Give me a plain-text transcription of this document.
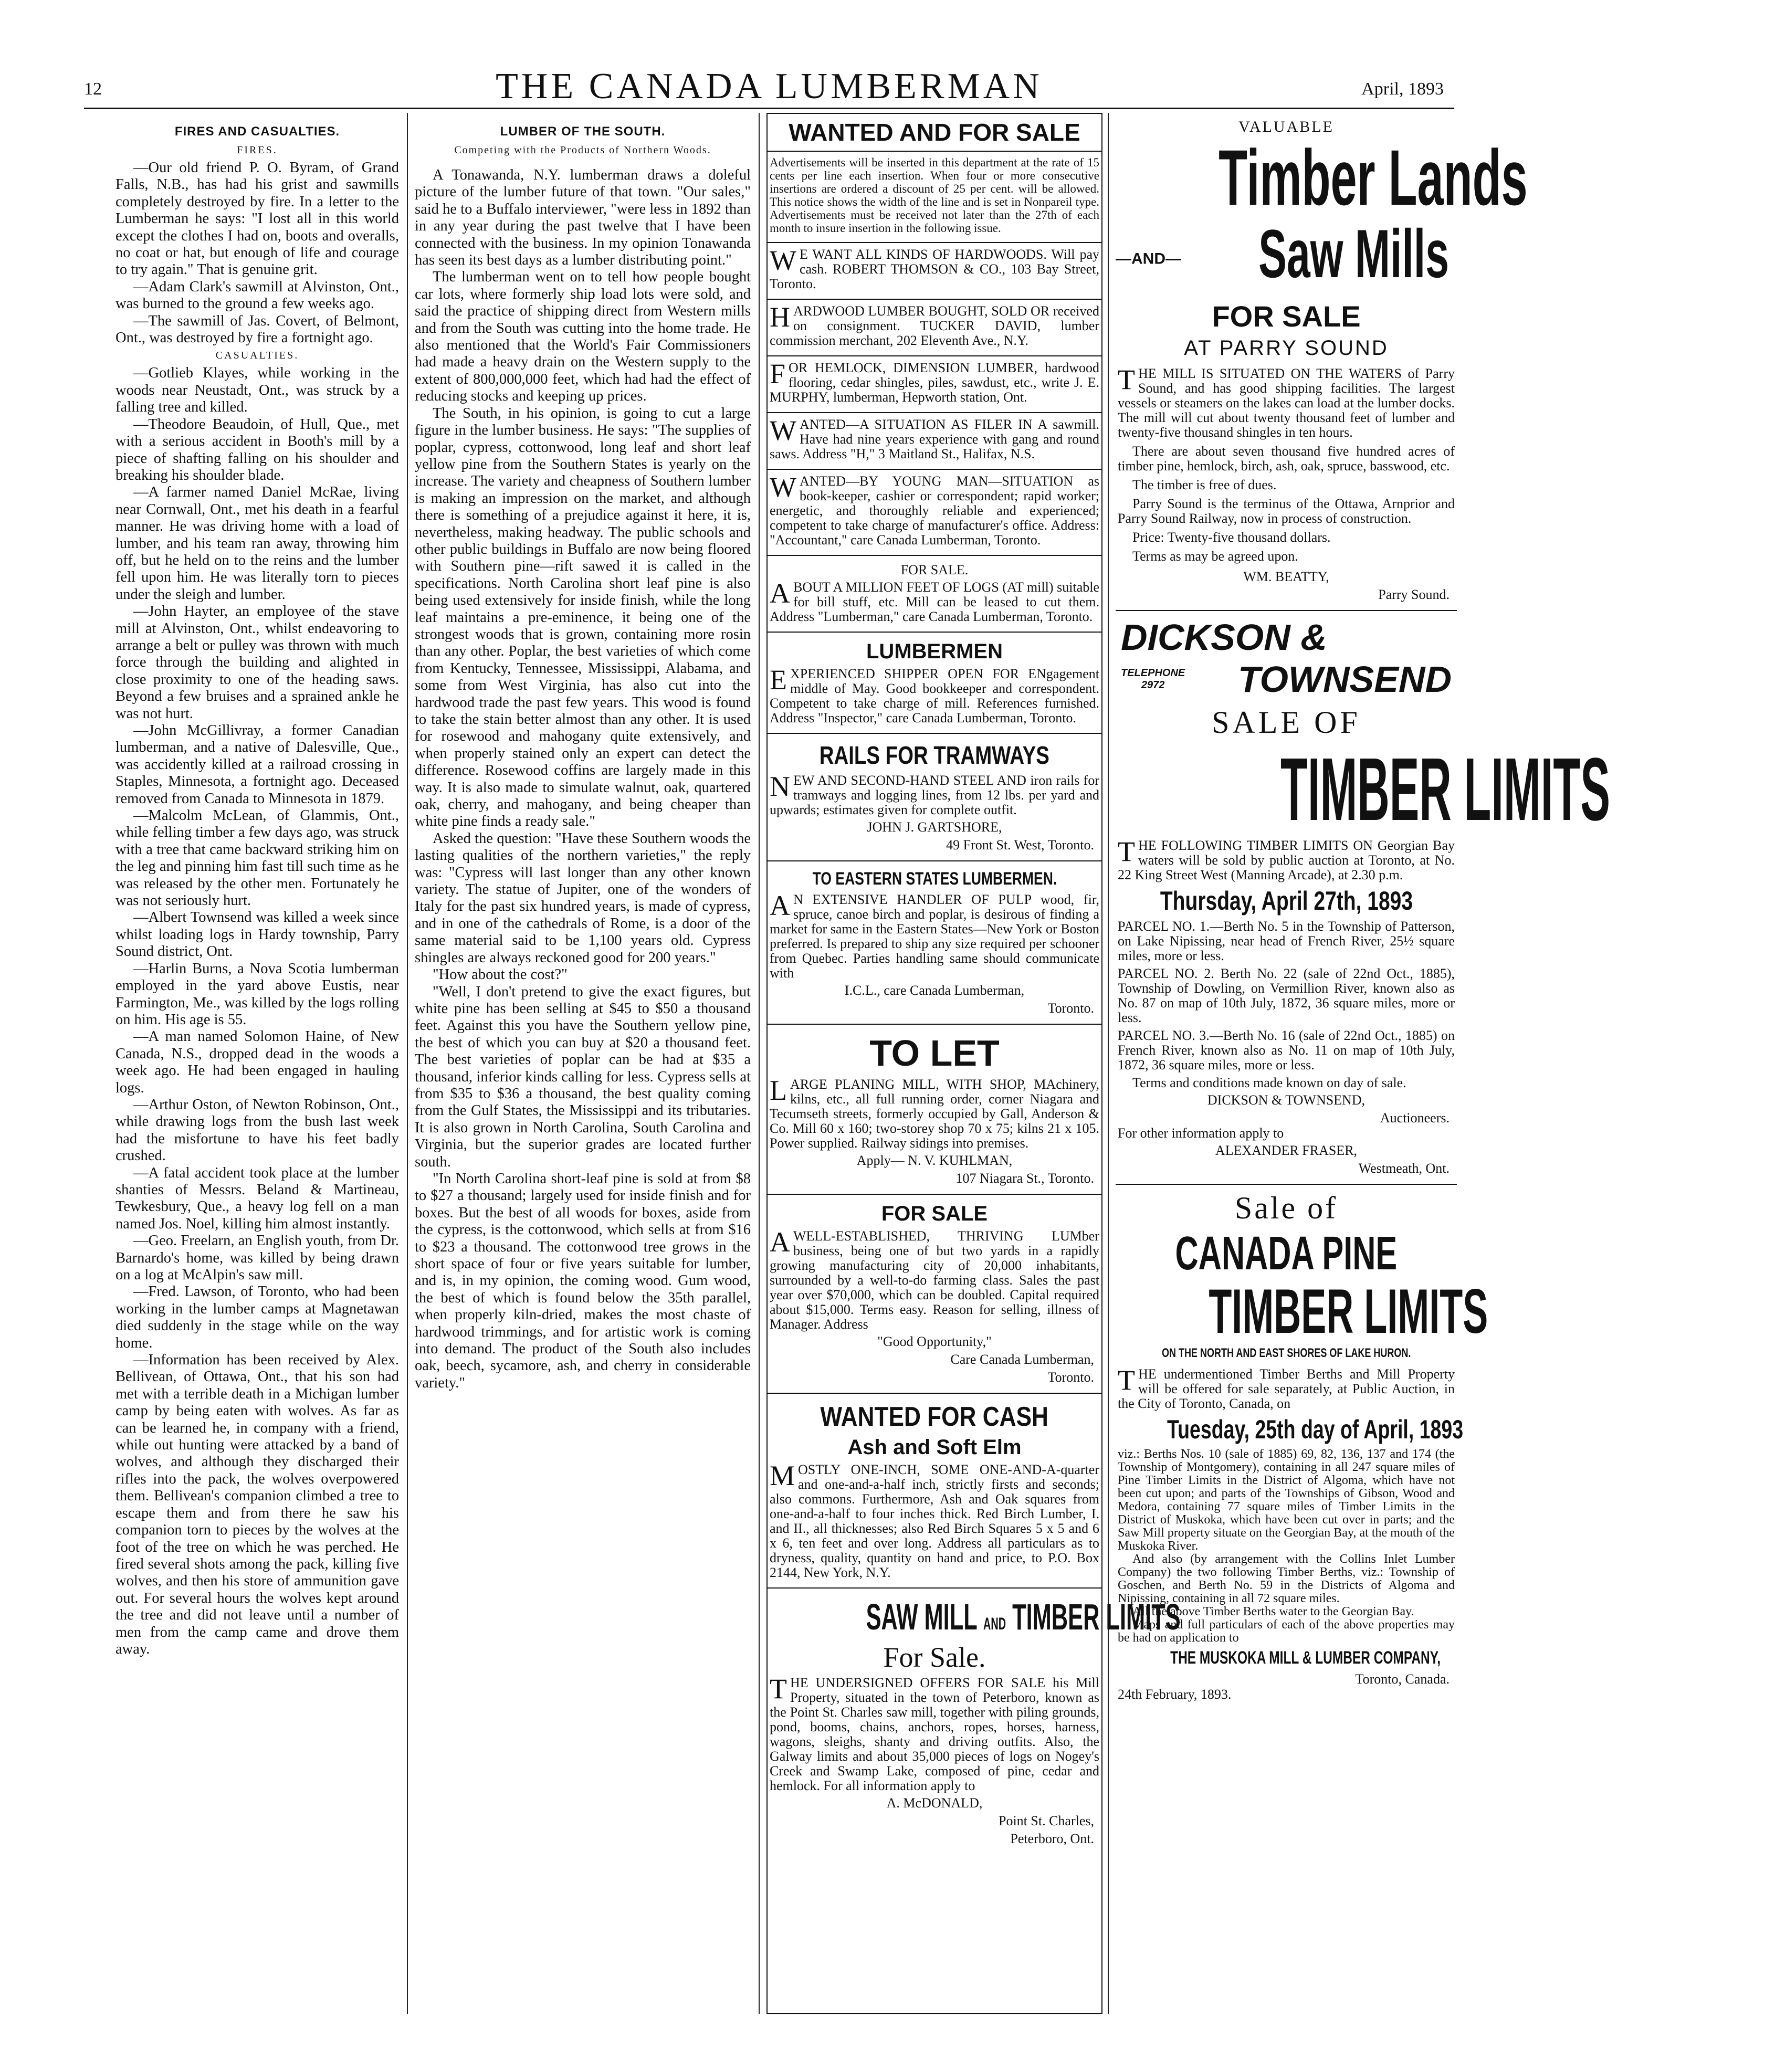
12	THE CANADA LUMBERMAN	April, 1893
FIRES AND CASUALTIES.
FIRES.

—Our old friend P. O. Byram, of Grand Falls, N.B., has had his grist and sawmills completely destroyed by fire. In a letter to the Lumberman he says: "I lost all in this world except the clothes I had on, boots and overalls, no coat or hat, but enough of life and courage to try again." That is genuine grit.

—Adam Clark's sawmill at Alvinston, Ont., was burned to the ground a few weeks ago.

—The sawmill of Jas. Covert, of Belmont, Ont., was destroyed by fire a fortnight ago.

CASUALTIES.

—Gotlieb Klayes, while working in the woods near Neustadt, Ont., was struck by a falling tree and killed.

—Theodore Beaudoin, of Hull, Que., met with a serious accident in Booth's mill by a piece of shafting falling on his shoulder and breaking his shoulder blade.

—A farmer named Daniel McRae, living near Cornwall, Ont., met his death in a fearful manner. He was driving home with a load of lumber, and his team ran away, throwing him off, but he held on to the reins and the lumber fell upon him. He was literally torn to pieces under the sleigh and lumber.

—John Hayter, an employee of the stave mill at Alvinston, Ont., whilst endeavoring to arrange a belt or pulley was thrown with much force through the building and alighted in close proximity to one of the heading saws. Beyond a few bruises and a sprained ankle he was not hurt.

—John McGillivray, a former Canadian lumberman, and a native of Dalesville, Que., was accidently killed at a railroad crossing in Staples, Minnesota, a fortnight ago. Deceased removed from Canada to Minnesota in 1879.

—Malcolm McLean, of Glammis, Ont., while felling timber a few days ago, was struck with a tree that came backward striking him on the leg and pinning him fast till such time as he was released by the other men. Fortunately he was not seriously hurt.

—Albert Townsend was killed a week since whilst loading logs in Hardy township, Parry Sound district, Ont.

—Harlin Burns, a Nova Scotia lumberman employed in the yard above Eustis, near Farmington, Me., was killed by the logs rolling on him. His age is 55.

—A man named Solomon Haine, of New Canada, N.S., dropped dead in the woods a week ago. He had been engaged in hauling logs.

—Arthur Oston, of Newton Robinson, Ont., while drawing logs from the bush last week had the misfortune to have his feet badly crushed.

—A fatal accident took place at the lumber shanties of Messrs. Beland & Martineau, Tewkesbury, Que., a heavy log fell on a man named Jos. Noel, killing him almost instantly.

—Geo. Freelarn, an English youth, from Dr. Barnardo's home, was killed by being drawn on a log at McAlpin's saw mill.

—Fred. Lawson, of Toronto, who had been working in the lumber camps at Magnetawan died suddenly in the stage while on the way home.

—Information has been received by Alex. Bellivean, of Ottawa, Ont., that his son had met with a terrible death in a Michigan lumber camp by being eaten with wolves. As far as can be learned he, in company with a friend, while out hunting were attacked by a band of wolves, and although they discharged their rifles into the pack, the wolves overpowered them. Bellivean's companion climbed a tree to escape them and from there he saw his companion torn to pieces by the wolves at the foot of the tree on which he was perched. He fired several shots among the pack, killing five wolves, and then his store of ammunition gave out. For several hours the wolves kept around the tree and did not leave until a number of men from the camp came and drove them away.

LUMBER OF THE SOUTH.
Competing with the Products of Northern Woods.

A Tonawanda, N.Y. lumberman draws a doleful picture of the lumber future of that town. "Our sales," said he to a Buffalo interviewer, "were less in 1892 than in any year during the past twelve that I have been connected with the business. In my opinion Tonawanda has seen its best days as a lumber distributing point."

The lumberman went on to tell how people bought car lots, where formerly ship load lots were sold, and said the practice of shipping direct from Western mills and from the South was cutting into the home trade. He also mentioned that the World's Fair Commissioners had made a heavy drain on the Western supply to the extent of 800,000,000 feet, which had had the effect of reducing stocks and keeping up prices.

The South, in his opinion, is going to cut a large figure in the lumber business. He says: "The supplies of poplar, cypress, cottonwood, long leaf and short leaf yellow pine from the Southern States is yearly on the increase. The variety and cheapness of Southern lumber is making an impression on the market, and although there is something of a prejudice against it here, it is, nevertheless, making headway. The public schools and other public buildings in Buffalo are now being floored with Southern pine—rift sawed it is called in the specifications. North Carolina short leaf pine is also being used extensively for inside finish, while the long leaf maintains a pre-eminence, it being one of the strongest woods that is grown, containing more rosin than any other. Poplar, the best varieties of which come from Kentucky, Tennessee, Mississippi, Alabama, and some from West Virginia, has also cut into the hardwood trade the past few years. This wood is found to take the stain better almost than any other. It is used for rosewood and mahogany quite extensively, and when properly stained only an expert can detect the difference. Rosewood coffins are largely made in this way. It is also made to simulate walnut, oak, quartered oak, cherry, and mahogany, and being cheaper than white pine finds a ready sale."

Asked the question: "Have these Southern woods the lasting qualities of the northern varieties," the reply was: "Cypress will last longer than any other known variety. The statue of Jupiter, one of the wonders of Italy for the past six hundred years, is made of cypress, and in one of the cathedrals of Rome, is a door of the same material said to be 1,100 years old. Cypress shingles are always reckoned good for 200 years."

"How about the cost?"

"Well, I don't pretend to give the exact figures, but white pine has been selling at $45 to $50 a thousand feet. Against this you have the Southern yellow pine, the best of which you can buy at $20 a thousand feet. The best varieties of poplar can be had at $35 a thousand, inferior kinds calling for less. Cypress sells at from $35 to $36 a thousand, the best quality coming from the Gulf States, the Mississippi and its tributaries. It is also grown in North Carolina, South Carolina and Virginia, but the superior grades are located further south.

"In North Carolina short-leaf pine is sold at from $8 to $27 a thousand; largely used for inside finish and for boxes. But the best of all woods for boxes, aside from the cypress, is the cottonwood, which sells at from $16 to $23 a thousand. The cottonwood tree grows in the short space of four or five years suitable for lumber, and is, in my opinion, the coming wood. Gum wood, the best of which is found below the 35th parallel, when properly kiln-dried, makes the most chaste of hardwood trimmings, and for artistic work is coming into demand. The product of the South also includes oak, beech, sycamore, ash, and cherry in considerable variety."

WANTED AND FOR SALE

Advertisements will be inserted in this department at the rate of 15 cents per line each insertion. When four or more consecutive insertions are ordered a discount of 25 per cent. will be allowed. This notice shows the width of the line and is set in Nonpareil type. Advertisements must be received not later than the 27th of each month to insure insertion in the following issue.

W E WANT ALL KINDS OF HARDWOODS. Will pay cash. ROBERT THOMSON & CO., 103 Bay Street, Toronto.

HARDWOOD LUMBER BOUGHT, SOLD OR received on consignment. TUCKER DAVID, lumber commission merchant, 202 Eleventh Ave., N.Y.

FOR HEMLOCK, DIMENSION LUMBER, hardwood flooring, cedar shingles, piles, sawdust, etc., write J. E. MURPHY, lumberman, Hepworth station, Ont.

WANTED—A SITUATION AS FILER IN A sawmill. Have had nine years experience with gang and round saws. Address "H," 3 Maitland St., Halifax, N.S.

WANTED—BY YOUNG MAN—SITUATION as book-keeper, cashier or correspondent; rapid worker; energetic, and thoroughly reliable and experienced; competent to take charge of manufacturer's office. Address: "Accountant," care Canada Lumberman, Toronto.

FOR SALE.

ABOUT A MILLION FEET OF LOGS (AT mill) suitable for bill stuff, etc. Mill can be leased to cut them. Address "Lumberman," care Canada Lumberman, Toronto.

LUMBERMEN

EXPERIENCED SHIPPER OPEN FOR ENgagement middle of May. Good bookkeeper and correspondent. Competent to take charge of mill. References furnished. Address "Inspector," care Canada Lumberman, Toronto.

RAILS FOR TRAMWAYS

NEW AND SECOND-HAND STEEL AND iron rails for tramways and logging lines, from 12 lbs. per yard and upwards; estimates given for complete outfit.

JOHN J. GARTSHORE,
49 Front St. West, Toronto.
TO EASTERN STATES LUMBERMEN.

A N EXTENSIVE HANDLER OF PULP wood, fir, spruce, canoe birch and poplar, is desirous of finding a market for same in the Eastern States—New York or Boston preferred. Is prepared to ship any size required per schooner from Quebec. Parties handling same should communicate with

I.C.L., care Canada Lumberman,
Toronto.
TO LET

LARGE PLANING MILL, WITH SHOP, MAchinery, kilns, etc., all full running order, corner Niagara and Tecumseth streets, formerly occupied by Gall, Anderson & Co. Mill 60 x 160; two-storey shop 70 x 75; kilns 21 x 105. Power supplied. Railway sidings into premises.

Apply— N. V. KUHLMAN,
107 Niagara St., Toronto.
FOR SALE

AWELL-ESTABLISHED, THRIVING LUMber business, being one of but two yards in a rapidly growing manufacturing city of 20,000 inhabitants, surrounded by a well-to-do farming class. Sales the past year over $70,000, which can be doubled. Capital required about $15,000. Terms easy. Reason for selling, illness of Manager. Address

"Good Opportunity,"
Care Canada Lumberman,
Toronto.
WANTED FOR CASH
Ash and Soft Elm

MOSTLY ONE-INCH, SOME ONE-AND-A-quarter and one-and-a-half inch, strictly firsts and seconds; also commons. Furthermore, Ash and Oak squares from one-and-a-half to four inches thick. Red Birch Lumber, I. and II., all thicknesses; also Red Birch Squares 5 x 5 and 6 x 6, ten feet and over long. Address all particulars as to dryness, quality, quantity on hand and price, to P.O. Box 2144, New York, N.Y.

SAW MILL AND TIMBER LIMITS
For Sale.

THE UNDERSIGNED OFFERS FOR SALE his Mill Property, situated in the town of Peterboro, known as the Point St. Charles saw mill, together with piling grounds, pond, booms, chains, anchors, ropes, horses, harness, wagons, sleighs, shanty and driving outfits. Also, the Galway limits and about 35,000 pieces of logs on Nogey's Creek and Swamp Lake, composed of pine, cedar and hemlock. For all information apply to

A. McDONALD,
Point St. Charles,
Peterboro, Ont.
VALUABLE
Timber Lands
—AND— Saw Mills
FOR SALE
AT PARRY SOUND

THE MILL IS SITUATED ON THE WATERS of Parry Sound, and has good shipping facilities. The largest vessels or steamers on the lakes can load at the lumber docks. The mill will cut about twenty thousand feet of lumber and twenty-five thousand shingles in ten hours.

There are about seven thousand five hundred acres of timber pine, hemlock, birch, ash, oak, spruce, basswood, etc.

The timber is free of dues.

Parry Sound is the terminus of the Ottawa, Arnprior and Parry Sound Railway, now in process of construction.

Price: Twenty-five thousand dollars.

Terms as may be agreed upon.

WM. BEATTY,
Parry Sound.
DICKSON &
TELEPHONE
2972	TOWNSEND
SALE OF
TIMBER LIMITS

THE FOLLOWING TIMBER LIMITS ON Georgian Bay waters will be sold by public auction at Toronto, at No. 22 King Street West (Manning Arcade), at 2.30 p.m.

Thursday, April 27th, 1893

PARCEL NO. 1.—Berth No. 5 in the Township of Patterson, on Lake Nipissing, near head of French River, 25½ square miles, more or less.

PARCEL NO. 2. Berth No. 22 (sale of 22nd Oct., 1885), Township of Dowling, on Vermillion River, known also as No. 87 on map of 10th July, 1872, 36 square miles, more or less.

PARCEL NO. 3.—Berth No. 16 (sale of 22nd Oct., 1885) on French River, known also as No. 11 on map of 10th July, 1872, 36 square miles, more or less.

Terms and conditions made known on day of sale.

DICKSON & TOWNSEND,
Auctioneers.

For other information apply to

ALEXANDER FRASER,
Westmeath, Ont.
Sale of
CANADA PINE
TIMBER LIMITS
ON THE NORTH AND EAST SHORES OF LAKE HURON.

THE undermentioned Timber Berths and Mill Property will be offered for sale separately, at Public Auction, in the City of Toronto, Canada, on

Tuesday, 25th day of April, 1893

viz.: Berths Nos. 10 (sale of 1885) 69, 82, 136, 137 and 174 (the Township of Montgomery), containing in all 247 square miles of Pine Timber Limits in the District of Algoma, which have not been cut upon; and parts of the Townships of Gibson, Wood and Medora, containing 77 square miles of Timber Limits in the District of Muskoka, which have been cut over in parts; and the Saw Mill property situate on the Georgian Bay, at the mouth of the Muskoka River.

And also (by arrangement with the Collins Inlet Lumber Company) the two following Timber Berths, viz.: Township of Goschen, and Berth No. 59 in the Districts of Algoma and Nipissing, containing in all 72 square miles.

All the above Timber Berths water to the Georgian Bay.

Maps and full particulars of each of the above properties may be had on application to

THE MUSKOKA MILL & LUMBER COMPANY,
Toronto, Canada.
24th February, 1893.
